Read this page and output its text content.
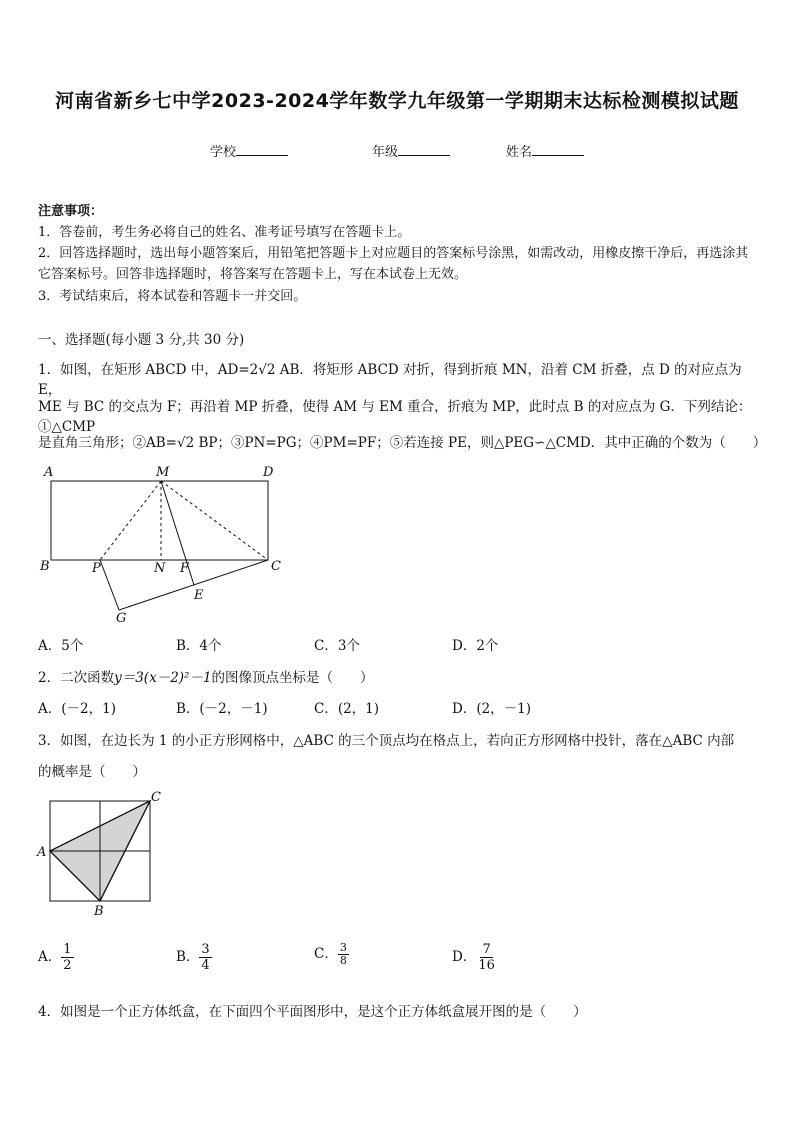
河南省新乡七中学2023-2024学年数学九年级第一学期期末达标检测模拟试题
学校	年级	姓名
注意事项：
1．答卷前，考生务必将自己的姓名、准考证号填写在答题卡上。
2．回答选择题时，选出每小题答案后，用铅笔把答题卡上对应题目的答案标号涂黑，如需改动，用橡皮擦干净后，再选涂其它答案标号。回答非选择题时，将答案写在答题卡上，写在本试卷上无效。
3．考试结束后，将本试卷和答题卡一并交回。
一、选择题(每小题 3 分,共 30 分)
1．如图，在矩形 ABCD 中，AD=2√2 AB．将矩形 ABCD 对折，得到折痕 MN，沿着 CM 折叠，点 D 的对应点为 E，
ME 与 BC 的交点为 F；再沿着 MP 折叠，使得 AM 与 EM 重合，折痕为 MP，此时点 B 的对应点为 G．下列结论：①△CMP
是直角三角形；②AB=√2 BP；③PN=PG；④PM=PF；⑤若连接 PE，则△PEG∽△CMD．其中正确的个数为（　　）
A	M	D
B	P	N F	C
E
G
A．5个	B．4个	C．3个	D．2个
2．二次函数y＝3(x－2)²－1的图像顶点坐标是（　　）
A．(－2，1)	B．(－2，－1)	C．(2，1)	D．(2，－1)
3．如图，在边长为 1 的小正方形网格中，△ABC 的三个顶点均在格点上，若向正方形网格中投针，落在△ABC 内部
的概率是（　　）
A
C
B
A． $\frac{1}{2}$	B． $\frac{3}{4}$	C． $\frac{3}{8}$	D． $\frac{7}{16}$
4．如图是一个正方体纸盒，在下面四个平面图形中，是这个正方体纸盒展开图的是（　　）
